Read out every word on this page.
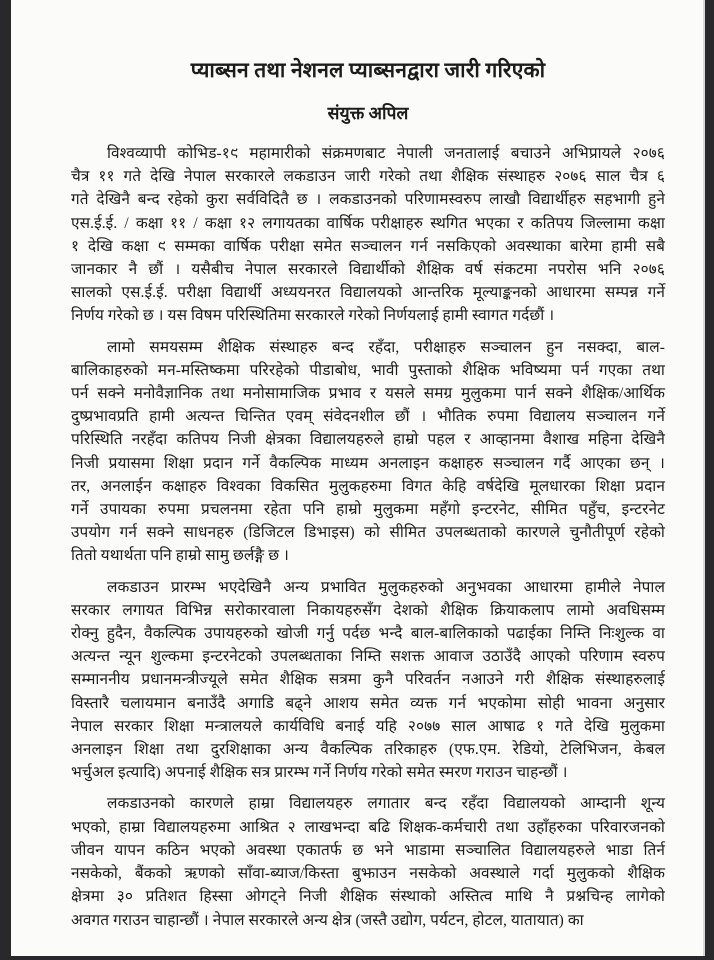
प्याब्सन तथा नेशनल प्याब्सनद्वारा जारी गरिएको
संयुक्त अपिल
विश्वव्यापी कोभिड-१९ महामारीको संक्रमणबाट नेपाली जनतालाई बचाउने अभिप्रायले २०७६
चैत्र ११ गते देखि नेपाल सरकारले लकडाउन जारी गरेको तथा शैक्षिक संस्थाहरु २०७६ साल चैत्र ६
गते देखिनै बन्द रहेको कुरा सर्वविदितै छ । लकडाउनको परिणामस्वरुप लाखौ विद्यार्थीहरु सहभागी हुने
एस.ई.ई. / कक्षा ११ / कक्षा १२ लगायतका वार्षिक परीक्षाहरु स्थगित भएका र कतिपय जिल्लामा कक्षा
१ देखि कक्षा ९ सम्मका वार्षिक परीक्षा समेत सञ्चालन गर्न नसकिएको अवस्थाका बारेमा हामी सबै
जानकार नै छौं । यसैबीच नेपाल सरकारले विद्यार्थीको शैक्षिक वर्ष संकटमा नपरोस भनि २०७६
सालको एस.ई.ई. परीक्षा विद्यार्थी अध्ययनरत विद्यालयको आन्तरिक मूल्याङ्कनको आधारमा सम्पन्न गर्ने
निर्णय गरेको छ । यस विषम परिस्थितिमा सरकारले गरेको निर्णयलाई हामी स्वागत गर्दछौं ।
लामो समयसम्म शैक्षिक संस्थाहरु बन्द रहँदा, परीक्षाहरु सञ्चालन हुन नसक्दा, बाल-
बालिकाहरुको मन-मस्तिष्कमा परिरहेको पीडाबोध, भावी पुस्ताको शैक्षिक भविष्यमा पर्न गएका तथा
पर्न सक्ने मनोवैज्ञानिक तथा मनोसामाजिक प्रभाव र यसले समग्र मुलुकमा पार्न सक्ने शैक्षिक/आर्थिक
दुष्प्रभावप्रति हामी अत्यन्त चिन्तित एवम् संवेदनशील छौं । भौतिक रुपमा विद्यालय सञ्चालन गर्ने
परिस्थिति नरहँदा कतिपय निजी क्षेत्रका विद्यालयहरुले हाम्रो पहल र आव्हानमा वैशाख महिना देखिनै
निजी प्रयासमा शिक्षा प्रदान गर्ने वैकल्पिक माध्यम अनलाइन कक्षाहरु सञ्चालन गर्दै आएका छन् ।
तर, अनलाईन कक्षाहरु विश्वका विकसित मुलुकहरुमा विगत केहि वर्षदेखि मूलधारका शिक्षा प्रदान
गर्ने उपायका रुपमा प्रचलनमा रहेता पनि हाम्रो मुलुकमा महँगो इन्टरनेट, सीमित पहुँच, इन्टरनेट
उपयोग गर्न सक्ने साधनहरु (डिजिटल डिभाइस) को सीमित उपलब्धताको कारणले चुनौतीपूर्ण रहेको
तितो यथार्थता पनि हाम्रो सामु छर्लङ्गै छ ।
लकडाउन प्रारम्भ भएदेखिनै अन्य प्रभावित मुलुकहरुको अनुभवका आधारमा हामीले नेपाल
सरकार लगायत विभिन्न सरोकारवाला निकायहरुसँग देशको शैक्षिक क्रियाकलाप लामो अवधिसम्म
रोक्नु हुदैन, वैकल्पिक उपायहरुको खोजी गर्नु पर्दछ भन्दै बाल-बालिकाको पढाईका निम्ति निःशुल्क वा
अत्यन्त न्यून शुल्कमा इन्टरनेटको उपलब्धताका निम्ति सशक्त आवाज उठाउँदै आएको परिणाम स्वरुप
सम्माननीय प्रधानमन्त्रीज्यूले समेत शैक्षिक सत्रमा कुनै परिवर्तन नआउने गरी शैक्षिक संस्थाहरुलाई
विस्तारै चलायमान बनाउँदै अगाडि बढ्ने आशय समेत व्यक्त गर्न भएकोमा सोही भावना अनुसार
नेपाल सरकार शिक्षा मन्त्रालयले कार्यविधि बनाई यहि २०७७ साल आषाढ १ गते देखि मुलुकमा
अनलाइन शिक्षा तथा दुरशिक्षाका अन्य वैकल्पिक तरिकाहरु (एफ.एम. रेडियो, टेलिभिजन, केबल
भर्चुअल इत्यादि) अपनाई शैक्षिक सत्र प्रारम्भ गर्ने निर्णय गरेको समेत स्मरण गराउन चाहन्छौं ।
लकडाउनको कारणले हाम्रा विद्यालयहरु लगातार बन्द रहँदा विद्यालयको आम्दानी शून्य
भएको, हाम्रा विद्यालयहरुमा आश्रित २ लाखभन्दा बढि शिक्षक-कर्मचारी तथा उहाँहरुका परिवारजनको
जीवन यापन कठिन भएको अवस्था एकातर्फ छ भने भाडामा सञ्चालित विद्यालयहरुले भाडा तिर्न
नसकेको, बैंकको ऋणको साँवा-ब्याज/किस्ता बुझाउन नसकेको अवस्थाले गर्दा मुलुकको शैक्षिक
क्षेत्रमा ३० प्रतिशत हिस्सा ओगट्ने निजी शैक्षिक संस्थाको अस्तित्व माथि नै प्रश्नचिन्ह लागेको
अवगत गराउन चाहान्छौं । नेपाल सरकारले अन्य क्षेत्र (जस्तै उद्योग, पर्यटन, होटल, यातायात) का
